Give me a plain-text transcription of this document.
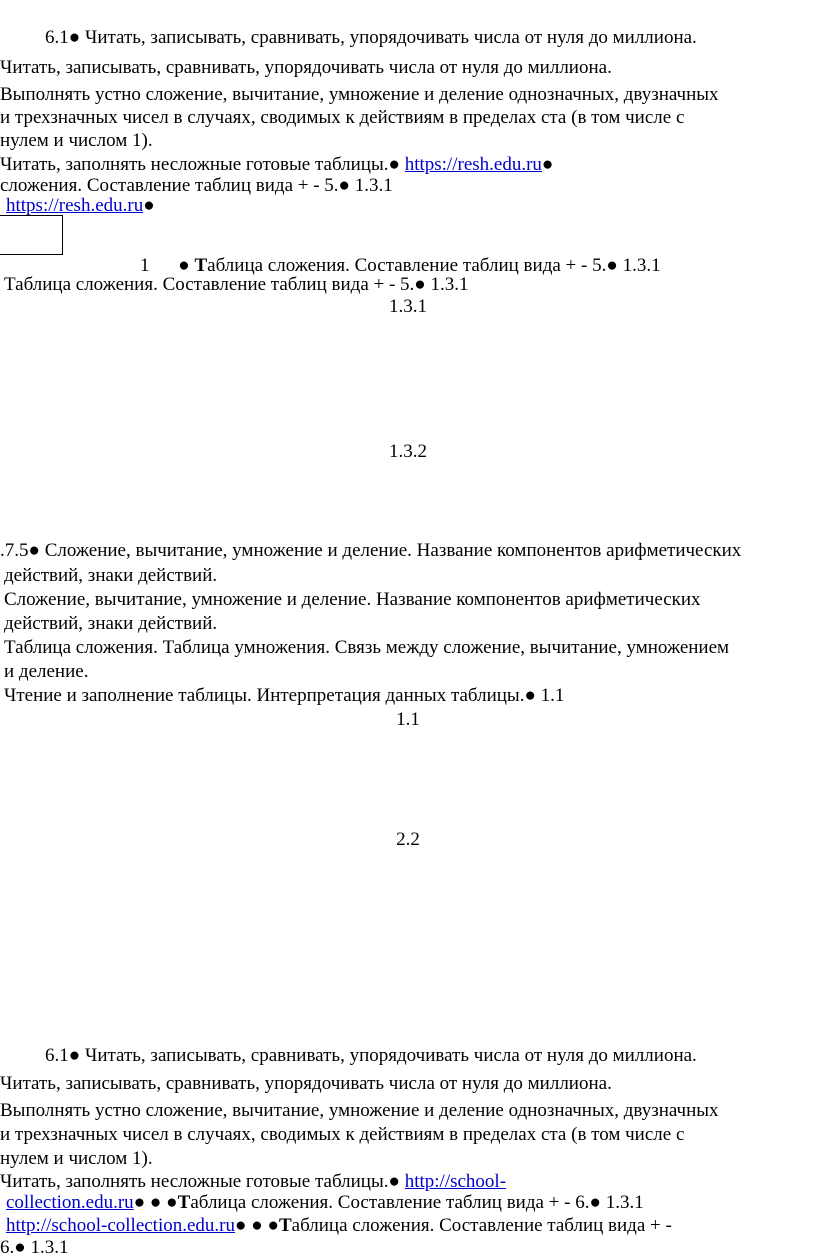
6.1● Читать, записывать, сравнивать, упорядочивать числа от нуля до миллиона.
Читать, записывать, сравнивать, упорядочивать числа от нуля до миллиона.
Выполнять устно сложение, вычитание, умножение и деление однозначных, двузначных
и трехзначных чисел в случаях, сводимых к действиям в пределах ста (в том числе с
нулем и числом 1).
Читать, заполнять несложные готовые таблицы.● https://resh.edu.ru●
сложения. Составление таблиц вида + - 5.● 1.3.1
https://resh.edu.ru●
1 ● Таблица сложения. Составление таблиц вида + - 5.● 1.3.1
Таблица сложения. Составление таблиц вида + - 5.● 1.3.1
1.3.1
1.3.2
.7.5● Сложение, вычитание, умножение и деление. Название компонентов арифметических
действий, знаки действий.
Сложение, вычитание, умножение и деление. Название компонентов арифметических
действий, знаки действий.
Таблица сложения. Таблица умножения. Связь между сложение, вычитание, умножением
и деление.
Чтение и заполнение таблицы. Интерпретация данных таблицы.● 1.1
1.1
2.2
6.1● Читать, записывать, сравнивать, упорядочивать числа от нуля до миллиона.
Читать, записывать, сравнивать, упорядочивать числа от нуля до миллиона.
Выполнять устно сложение, вычитание, умножение и деление однозначных, двузначных
и трехзначных чисел в случаях, сводимых к действиям в пределах ста (в том числе с
нулем и числом 1).
Читать, заполнять несложные готовые таблицы.● http://school-
collection.edu.ru● ● ●Таблица сложения. Составление таблиц вида + - 6.● 1.3.1
http://school-collection.edu.ru● ● ●Таблица сложения. Составление таблиц вида + -
6.● 1.3.1
